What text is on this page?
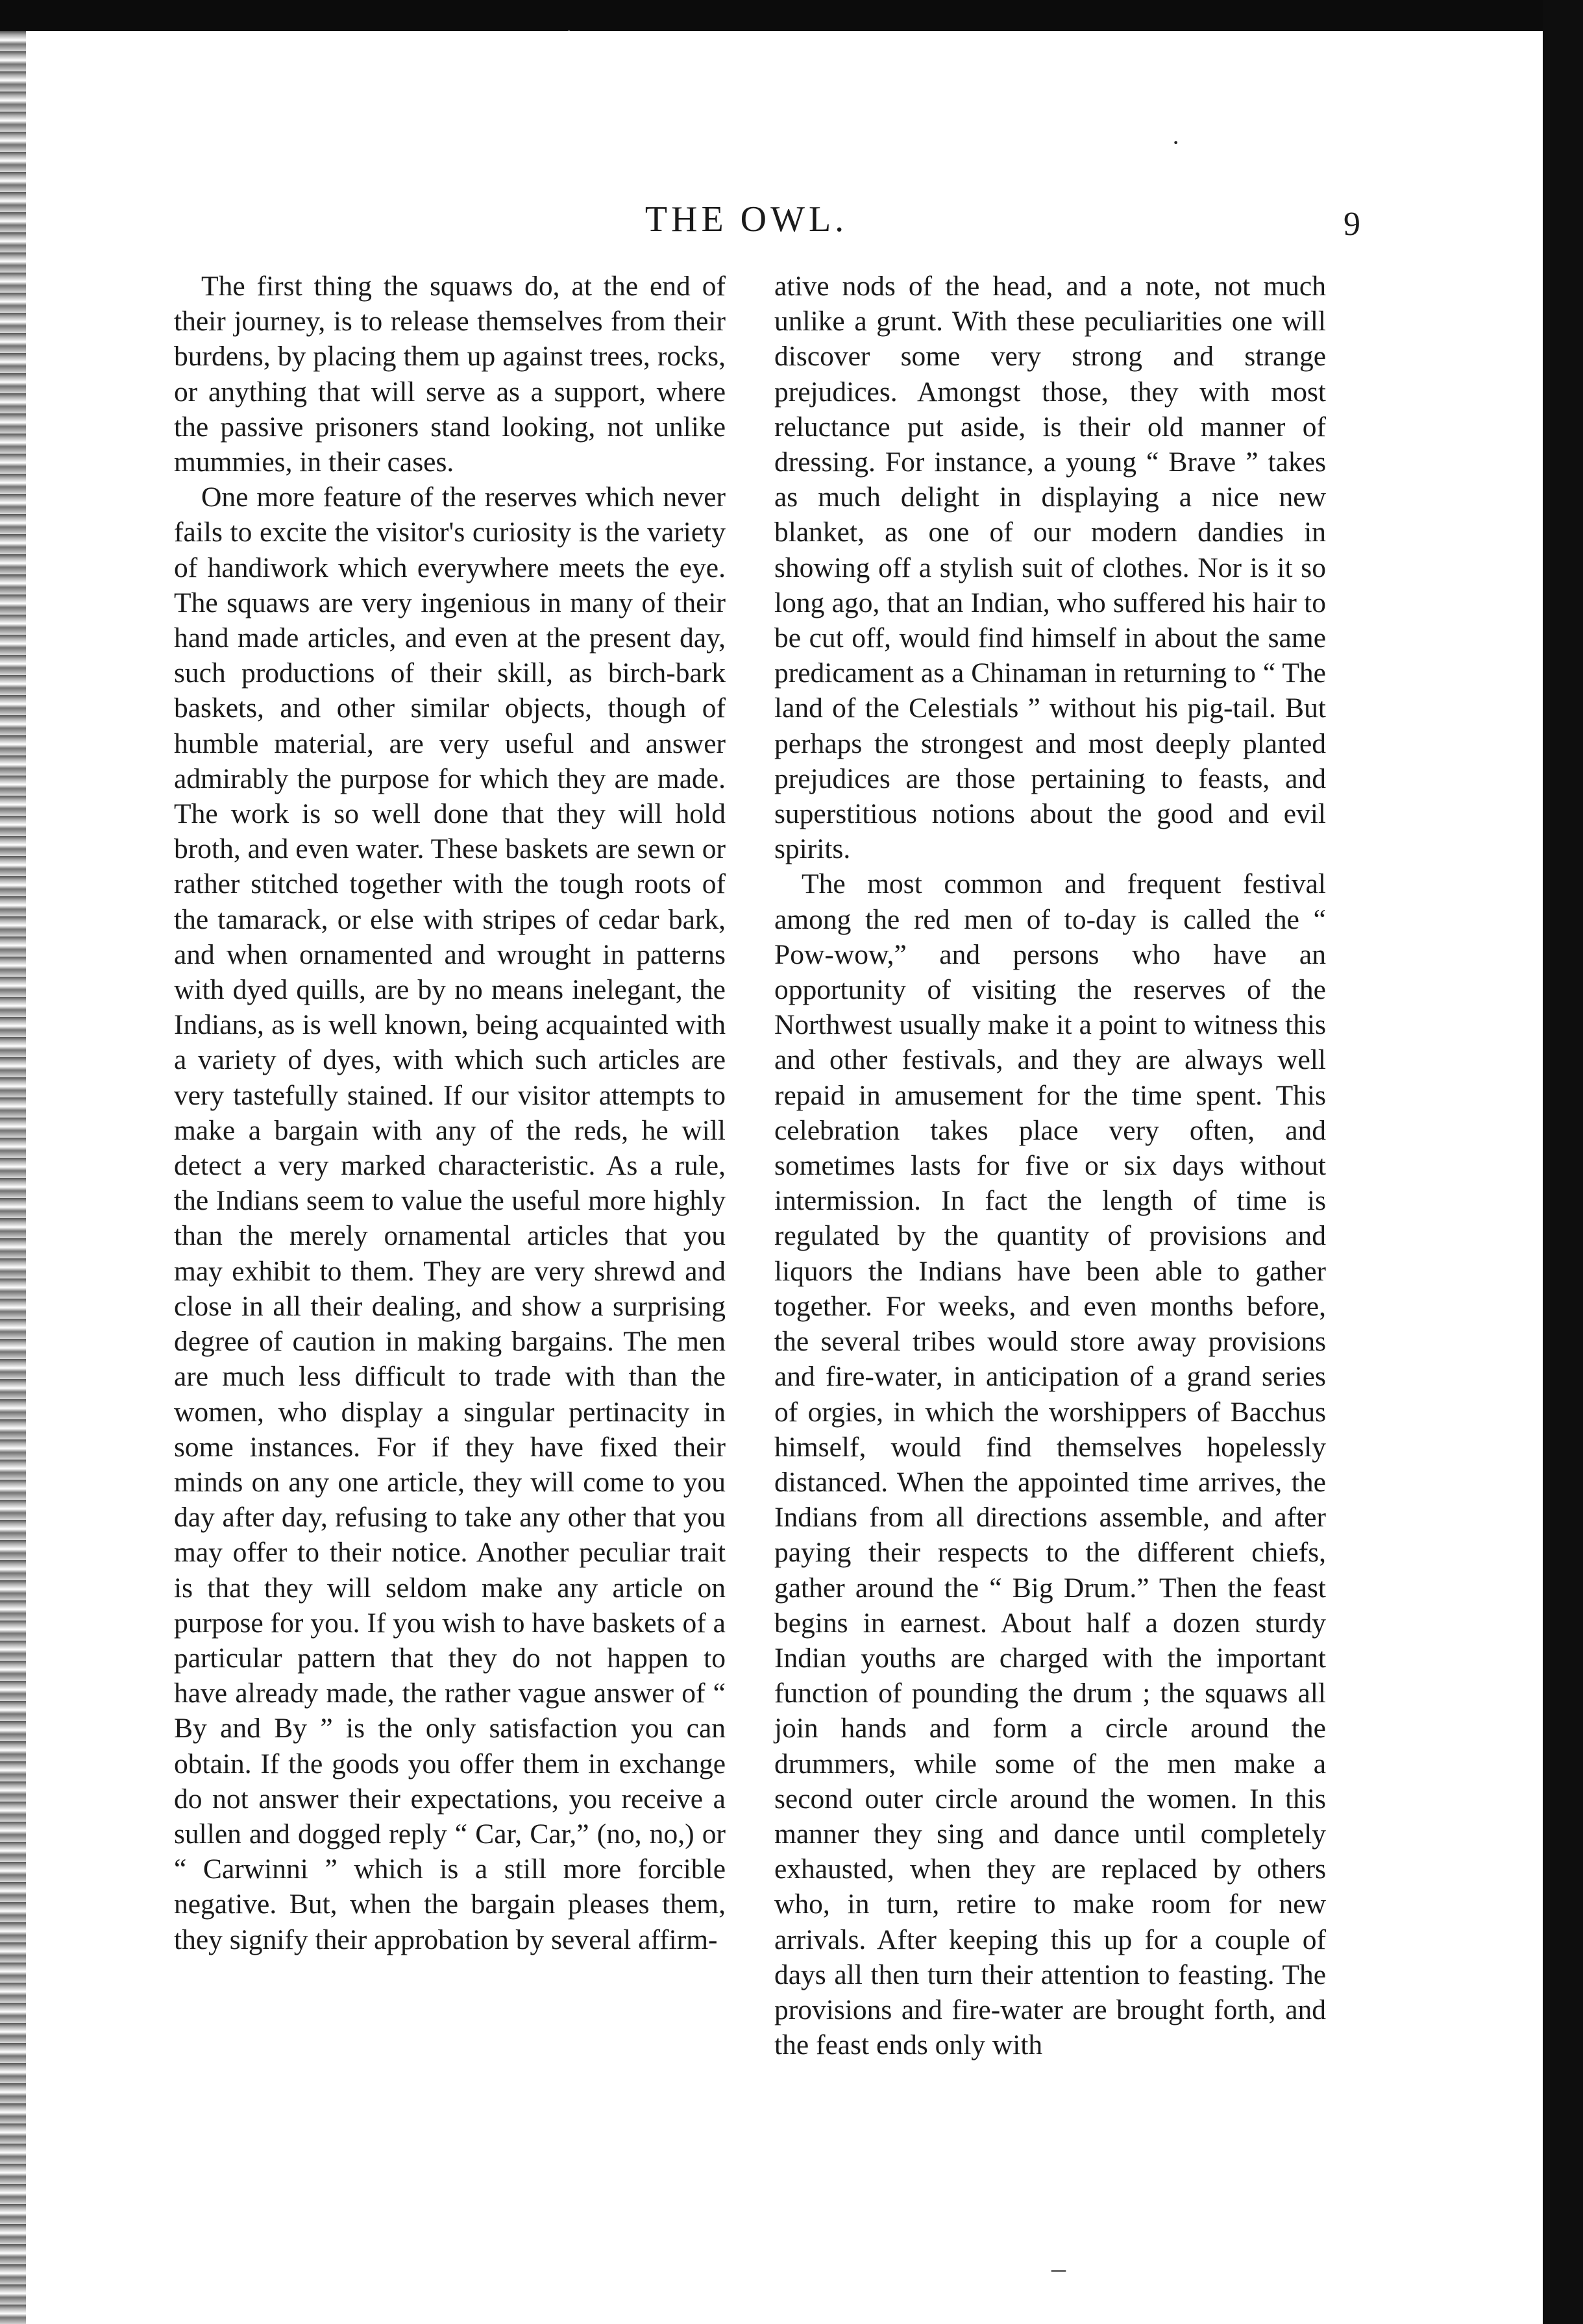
·
·
THE OWL.	9

The first thing the squaws do, at the end of their journey, is to release themselves from their burdens, by placing them up against trees, rocks, or anything that will serve as a support, where the passive prisoners stand looking, not unlike mummies, in their cases.

One more feature of the reserves which never fails to excite the visitor's curiosity is the variety of handiwork which everywhere meets the eye. The squaws are very ingenious in many of their hand made articles, and even at the present day, such productions of their skill, as birch-bark baskets, and other similar objects, though of humble material, are very useful and answer admirably the purpose for which they are made. The work is so well done that they will hold broth, and even water. These baskets are sewn or rather stitched together with the tough roots of the tamarack, or else with stripes of cedar bark, and when ornamented and wrought in patterns with dyed quills, are by no means inelegant, the Indians, as is well known, being acquainted with a variety of dyes, with which such articles are very tastefully stained. If our visitor attempts to make a bargain with any of the reds, he will detect a very marked characteristic. As a rule, the Indians seem to value the useful more highly than the merely ornamental articles that you may exhibit to them. They are very shrewd and close in all their dealing, and show a surprising degree of caution in making bargains. The men are much less difficult to trade with than the women, who display a singular pertinacity in some instances. For if they have fixed their minds on any one article, they will come to you day after day, refusing to take any other that you may offer to their notice. Another peculiar trait is that they will seldom make any article on purpose for you. If you wish to have baskets of a particular pattern that they do not happen to have already made, the rather vague answer of “ By and By ” is the only satisfaction you can obtain. If the goods you offer them in exchange do not answer their expectations, you receive a sullen and dogged reply “ Car, Car,” (no, no,) or “ Carwinni ” which is a still more forcible negative. But, when the bargain pleases them, they signify their approbation by several affirm-

ative nods of the head, and a note, not much unlike a grunt. With these peculiarities one will discover some very strong and strange prejudices. Amongst those, they with most reluctance put aside, is their old manner of dressing. For instance, a young “ Brave ” takes as much delight in displaying a nice new blanket, as one of our modern dandies in showing off a stylish suit of clothes. Nor is it so long ago, that an Indian, who suffered his hair to be cut off, would find himself in about the same predicament as a Chinaman in returning to “ The land of the Celestials ” without his pig-tail. But perhaps the strongest and most deeply planted prejudices are those pertaining to feasts, and superstitious notions about the good and evil spirits.

The most common and frequent festival among the red men of to-day is called the “ Pow-wow,” and persons who have an opportunity of visiting the reserves of the Northwest usually make it a point to witness this and other festivals, and they are always well repaid in amusement for the time spent. This celebration takes place very often, and sometimes lasts for five or six days without intermission. In fact the length of time is regulated by the quantity of provisions and liquors the Indians have been able to gather together. For weeks, and even months before, the several tribes would store away provisions and fire-water, in anticipation of a grand series of orgies, in which the worshippers of Bacchus himself, would find themselves hopelessly distanced. When the appointed time arrives, the Indians from all directions assemble, and after paying their respects to the different chiefs, gather around the “ Big Drum.” Then the feast begins in earnest. About half a dozen sturdy Indian youths are charged with the important function of pounding the drum ; the squaws all join hands and form a circle around the drummers, while some of the men make a second outer circle around the women. In this manner they sing and dance until completely exhausted, when they are replaced by others who, in turn, retire to make room for new arrivals. After keeping this up for a couple of days all then turn their attention to feasting. The provisions and fire-water are brought forth, and the feast ends only with

–
